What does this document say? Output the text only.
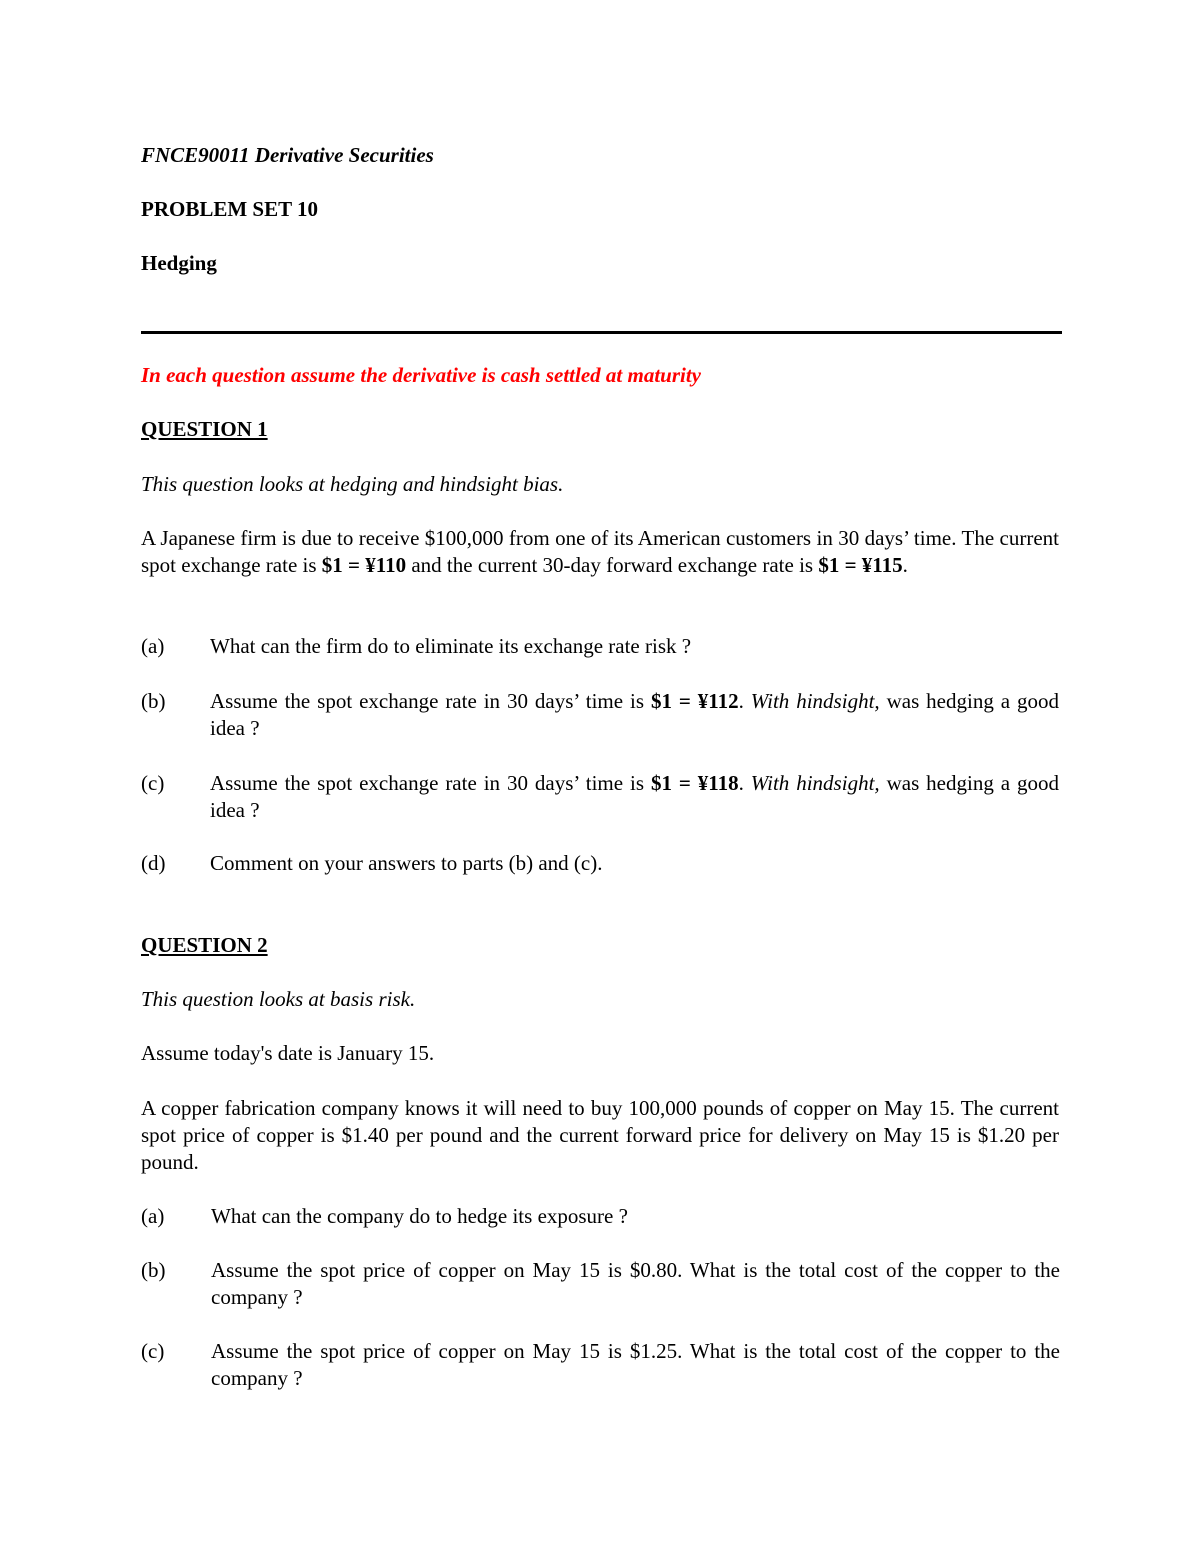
FNCE90011 Derivative Securities

PROBLEM SET 10

Hedging

In each question assume the derivative is cash settled at maturity

QUESTION 1

This question looks at hedging and hindsight bias.

A Japanese firm is due to receive $100,000 from one of its American customers in 30 days’ time. The current spot exchange rate is $1 = ¥110 and the current 30-day forward exchange rate is $1 = ¥115.

(a) What can the firm do to eliminate its exchange rate risk ?
(b) Assume the spot exchange rate in 30 days’ time is $1 = ¥112. With hindsight, was hedging a good idea ?
(c) Assume the spot exchange rate in 30 days’ time is $1 = ¥118. With hindsight, was hedging a good idea ?
(d) Comment on your answers to parts (b) and (c).

QUESTION 2

This question looks at basis risk.

Assume today's date is January 15.

A copper fabrication company knows it will need to buy 100,000 pounds of copper on May 15. The current spot price of copper is $1.40 per pound and the current forward price for delivery on May 15 is $1.20 per pound.

(a) What can the company do to hedge its exposure ?
(b) Assume the spot price of copper on May 15 is $0.80. What is the total cost of the copper to the company ?
(c) Assume the spot price of copper on May 15 is $1.25. What is the total cost of the copper to the company ?
